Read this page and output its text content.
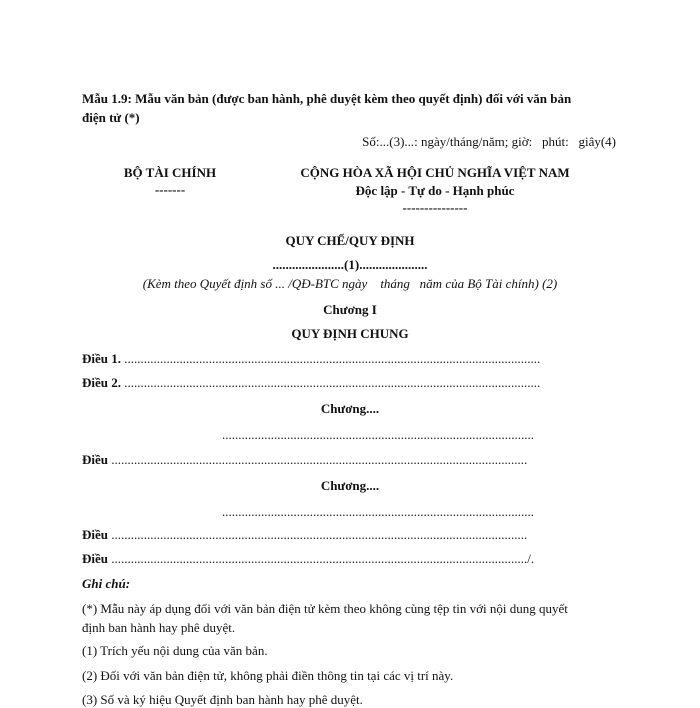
Mẫu 1.9: Mẫu văn bản (được ban hành, phê duyệt kèm theo quyết định) đối với văn bản
điện tử (*)
Số:...(3)...: ngày/tháng/năm; giờ:   phút:   giây(4)
BỘ TÀI CHÍNH
-------
CỘNG HÒA XÃ HỘI CHỦ NGHĨA VIỆT NAM
Độc lập - Tự do - Hạnh phúc
---------------
QUY CHẾ/QUY ĐỊNH
......................(1).....................
(Kèm theo Quyết định số ... /QĐ-BTC ngày    tháng   năm của Bộ Tài chính) (2)
Chương I
QUY ĐỊNH CHUNG
Điều 1. ................................................................................................................................
Điều 2. ................................................................................................................................
Chương....
................................................................................................
Điều ................................................................................................................................
Chương....
................................................................................................
Điều ................................................................................................................................
Điều ................................................................................................................................/.
Ghi chú:
(*) Mẫu này áp dụng đối với văn bản điện tử kèm theo không cùng tệp tin với nội dung quyết
định ban hành hay phê duyệt.
(1) Trích yếu nội dung của văn bản.
(2) Đối với văn bản điện tử, không phải điền thông tin tại các vị trí này.
(3) Số và ký hiệu Quyết định ban hành hay phê duyệt.
